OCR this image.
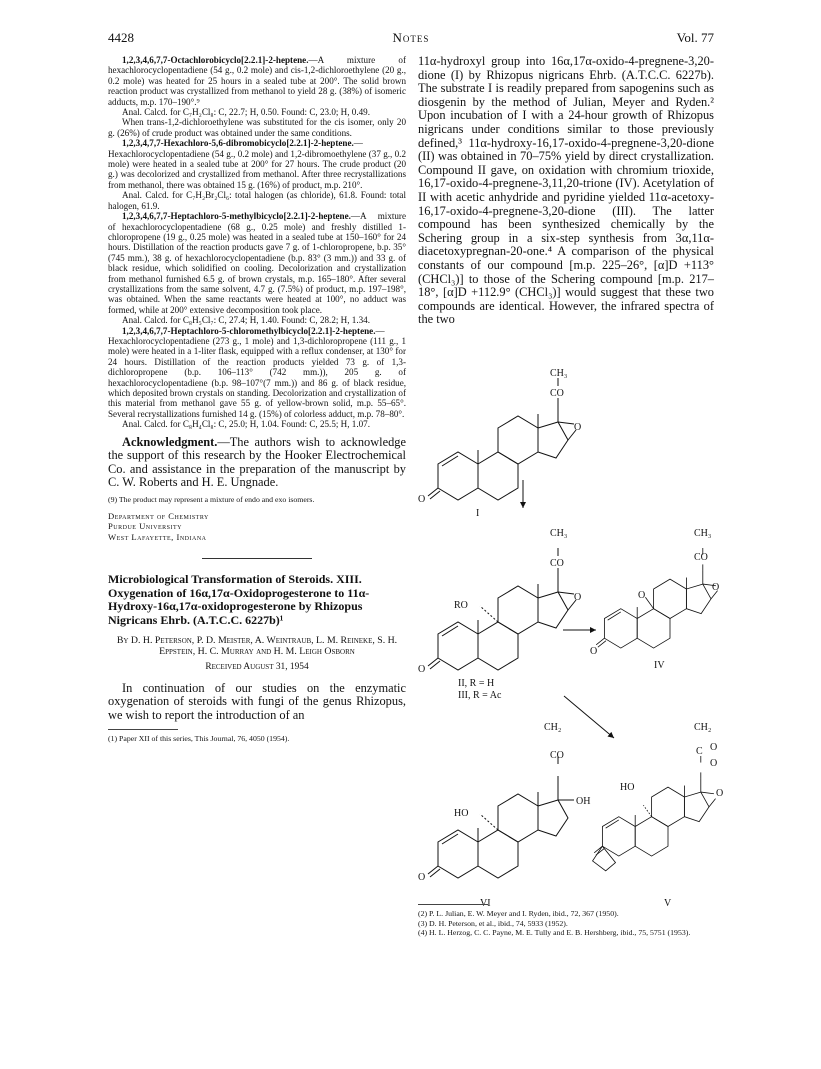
4428	Notes	Vol. 77

1,2,3,4,6,7,7-Octachlorobicyclo[2.2.1]-2-heptene.—A mixture of hexachlorocyclopentadiene (54 g., 0.2 mole) and cis-1,2-dichloroethylene (20 g., 0.2 mole) was heated for 25 hours in a sealed tube at 200°. The solid brown reaction product was crystallized from methanol to yield 28 g. (38%) of isomeric adducts, m.p. 170–190°.⁹

Anal. Calcd. for C₇H₂Cl₈: C, 22.7; H, 0.50. Found: C, 23.0; H, 0.49.

When trans-1,2-dichloroethylene was substituted for the cis isomer, only 20 g. (26%) of crude product was obtained under the same conditions.

1,2,3,4,7,7-Hexachloro-5,6-dibromobicyclo[2.2.1]-2-heptene.—Hexachlorocyclopentadiene (54 g., 0.2 mole) and 1,2-dibromoethylene (37 g., 0.2 mole) were heated in a sealed tube at 200° for 27 hours. The crude product (20 g.) was decolorized and crystallized from methanol. After three recrystallizations from methanol, there was obtained 15 g. (16%) of product, m.p. 210°.

Anal. Calcd. for C₇H₂Br₂Cl₆: total halogen (as chloride), 61.8. Found: total halogen, 61.9.

1,2,3,4,6,7,7-Heptachloro-5-methylbicyclo[2.2.1]-2-heptene.—A mixture of hexachlorocyclopentadiene (68 g., 0.25 mole) and freshly distilled 1-chloropropene (19 g., 0.25 mole) was heated in a sealed tube at 150–160° for 24 hours. Distillation of the reaction products gave 7 g. of 1-chloropropene, b.p. 35° (745 mm.), 38 g. of hexachlorocyclopentadiene (b.p. 83° (3 mm.)) and 33 g. of black residue, which solidified on cooling. Decolorization and crystallization from methanol furnished 6.5 g. of brown crystals, m.p. 165–180°. After several crystallizations from the same solvent, 4.7 g. (7.5%) of product, m.p. 197–198°, was obtained. When the same reactants were heated at 100°, no adduct was formed, while at 200° extensive decomposition took place.

Anal. Calcd. for C₈H₅Cl₇: C, 27.4; H, 1.40. Found: C, 28.2; H, 1.34.

1,2,3,4,6,7,7-Heptachloro-5-chloromethylbicyclo[2.2.1]-2-heptene.—Hexachlorocyclopentadiene (273 g., 1 mole) and 1,3-dichloropropene (111 g., 1 mole) were heated in a 1-liter flask, equipped with a reflux condenser, at 130° for 24 hours. Distillation of the reaction products yielded 73 g. of 1,3-dichloropropene (b.p. 106–113° (742 mm.)), 205 g. of hexachlorocyclopentadiene (b.p. 98–107°(7 mm.)) and 86 g. of black residue, which deposited brown crystals on standing. Decolorization and crystallization of this material from methanol gave 55 g. of yellow-brown solid, m.p. 55–65°. Several recrystallizations furnished 14 g. (15%) of colorless adduct, m.p. 78–80°.

Anal. Calcd. for C₈H₄Cl₈: C, 25.0; H, 1.04. Found: C, 25.5; H, 1.07.

Acknowledgment.—The authors wish to acknowledge the support of this research by the Hooker Electrochemical Co. and assistance in the preparation of the manuscript by C. W. Roberts and H. E. Ungnade.

(9) The product may represent a mixture of endo and exo isomers.

Department of Chemistry
Purdue University
West Lafayette, Indiana

Microbiological Transformation of Steroids. XIII. Oxygenation of 16α,17α-Oxidoprogesterone to 11α-Hydroxy-16α,17α-oxidoprogesterone by Rhizopus Nigricans Ehrb. (A.T.C.C. 6227b)¹

By D. H. Peterson, P. D. Meister, A. Weintraub, L. M. Reineke, S. H. Eppstein, H. C. Murray and H. M. Leigh Osborn

Received August 31, 1954

In continuation of our studies on the enzymatic oxygenation of steroids with fungi of the genus Rhizopus, we wish to report the introduction of an

(1) Paper XII of this series, This Journal, 76, 4050 (1954).

11α-hydroxyl group into 16α,17α-oxido-4-pregnene-3,20-dione (I) by Rhizopus nigricans Ehrb. (A.T.C.C. 6227b). The substrate I is readily prepared from sapogenins such as diosgenin by the method of Julian, Meyer and Ryden.² Upon incubation of I with a 24-hour growth of Rhizopus nigricans under conditions similar to those previously defined,³ 11α-hydroxy-16,17-oxido-4-pregnene-3,20-dione (II) was obtained in 70–75% yield by direct crystallization. Compound II gave, on oxidation with chromium trioxide, 16,17-oxido-4-pregnene-3,11,20-trione (IV). Acetylation of II with acetic anhydride and pyridine yielded 11α-acetoxy-16,17-oxido-4-pregnene-3,20-dione (III). The latter compound has been synthesized chemically by the Schering group in a six-step synthesis from 3α,11α-diacetoxypregnan-20-one.⁴ A comparison of the physical constants of our compound [m.p. 225–26°, [α]D +113° (CHCl₃)] to those of the Schering compound [m.p. 217–18°, [α]D +112.9° (CHCl₃)] would suggest that these two compounds are identical. However, the infrared spectra of the two

CH₃
CO
O
O
I
CH₃
CO
O
RO
O
II, R = H
III, R = Ac
CH₃
CO
O
O
O
IV
CH₂
CO
OH
HO
O
VI
CH₂
C O
O
HO
O
V

(2) P. L. Julian, E. W. Meyer and I. Ryden, ibid., 72, 367 (1950).

(3) D. H. Peterson, et al., ibid., 74, 5933 (1952).

(4) H. L. Herzog, C. C. Payne, M. E. Tully and E. B. Hershberg, ibid., 75, 5751 (1953).
